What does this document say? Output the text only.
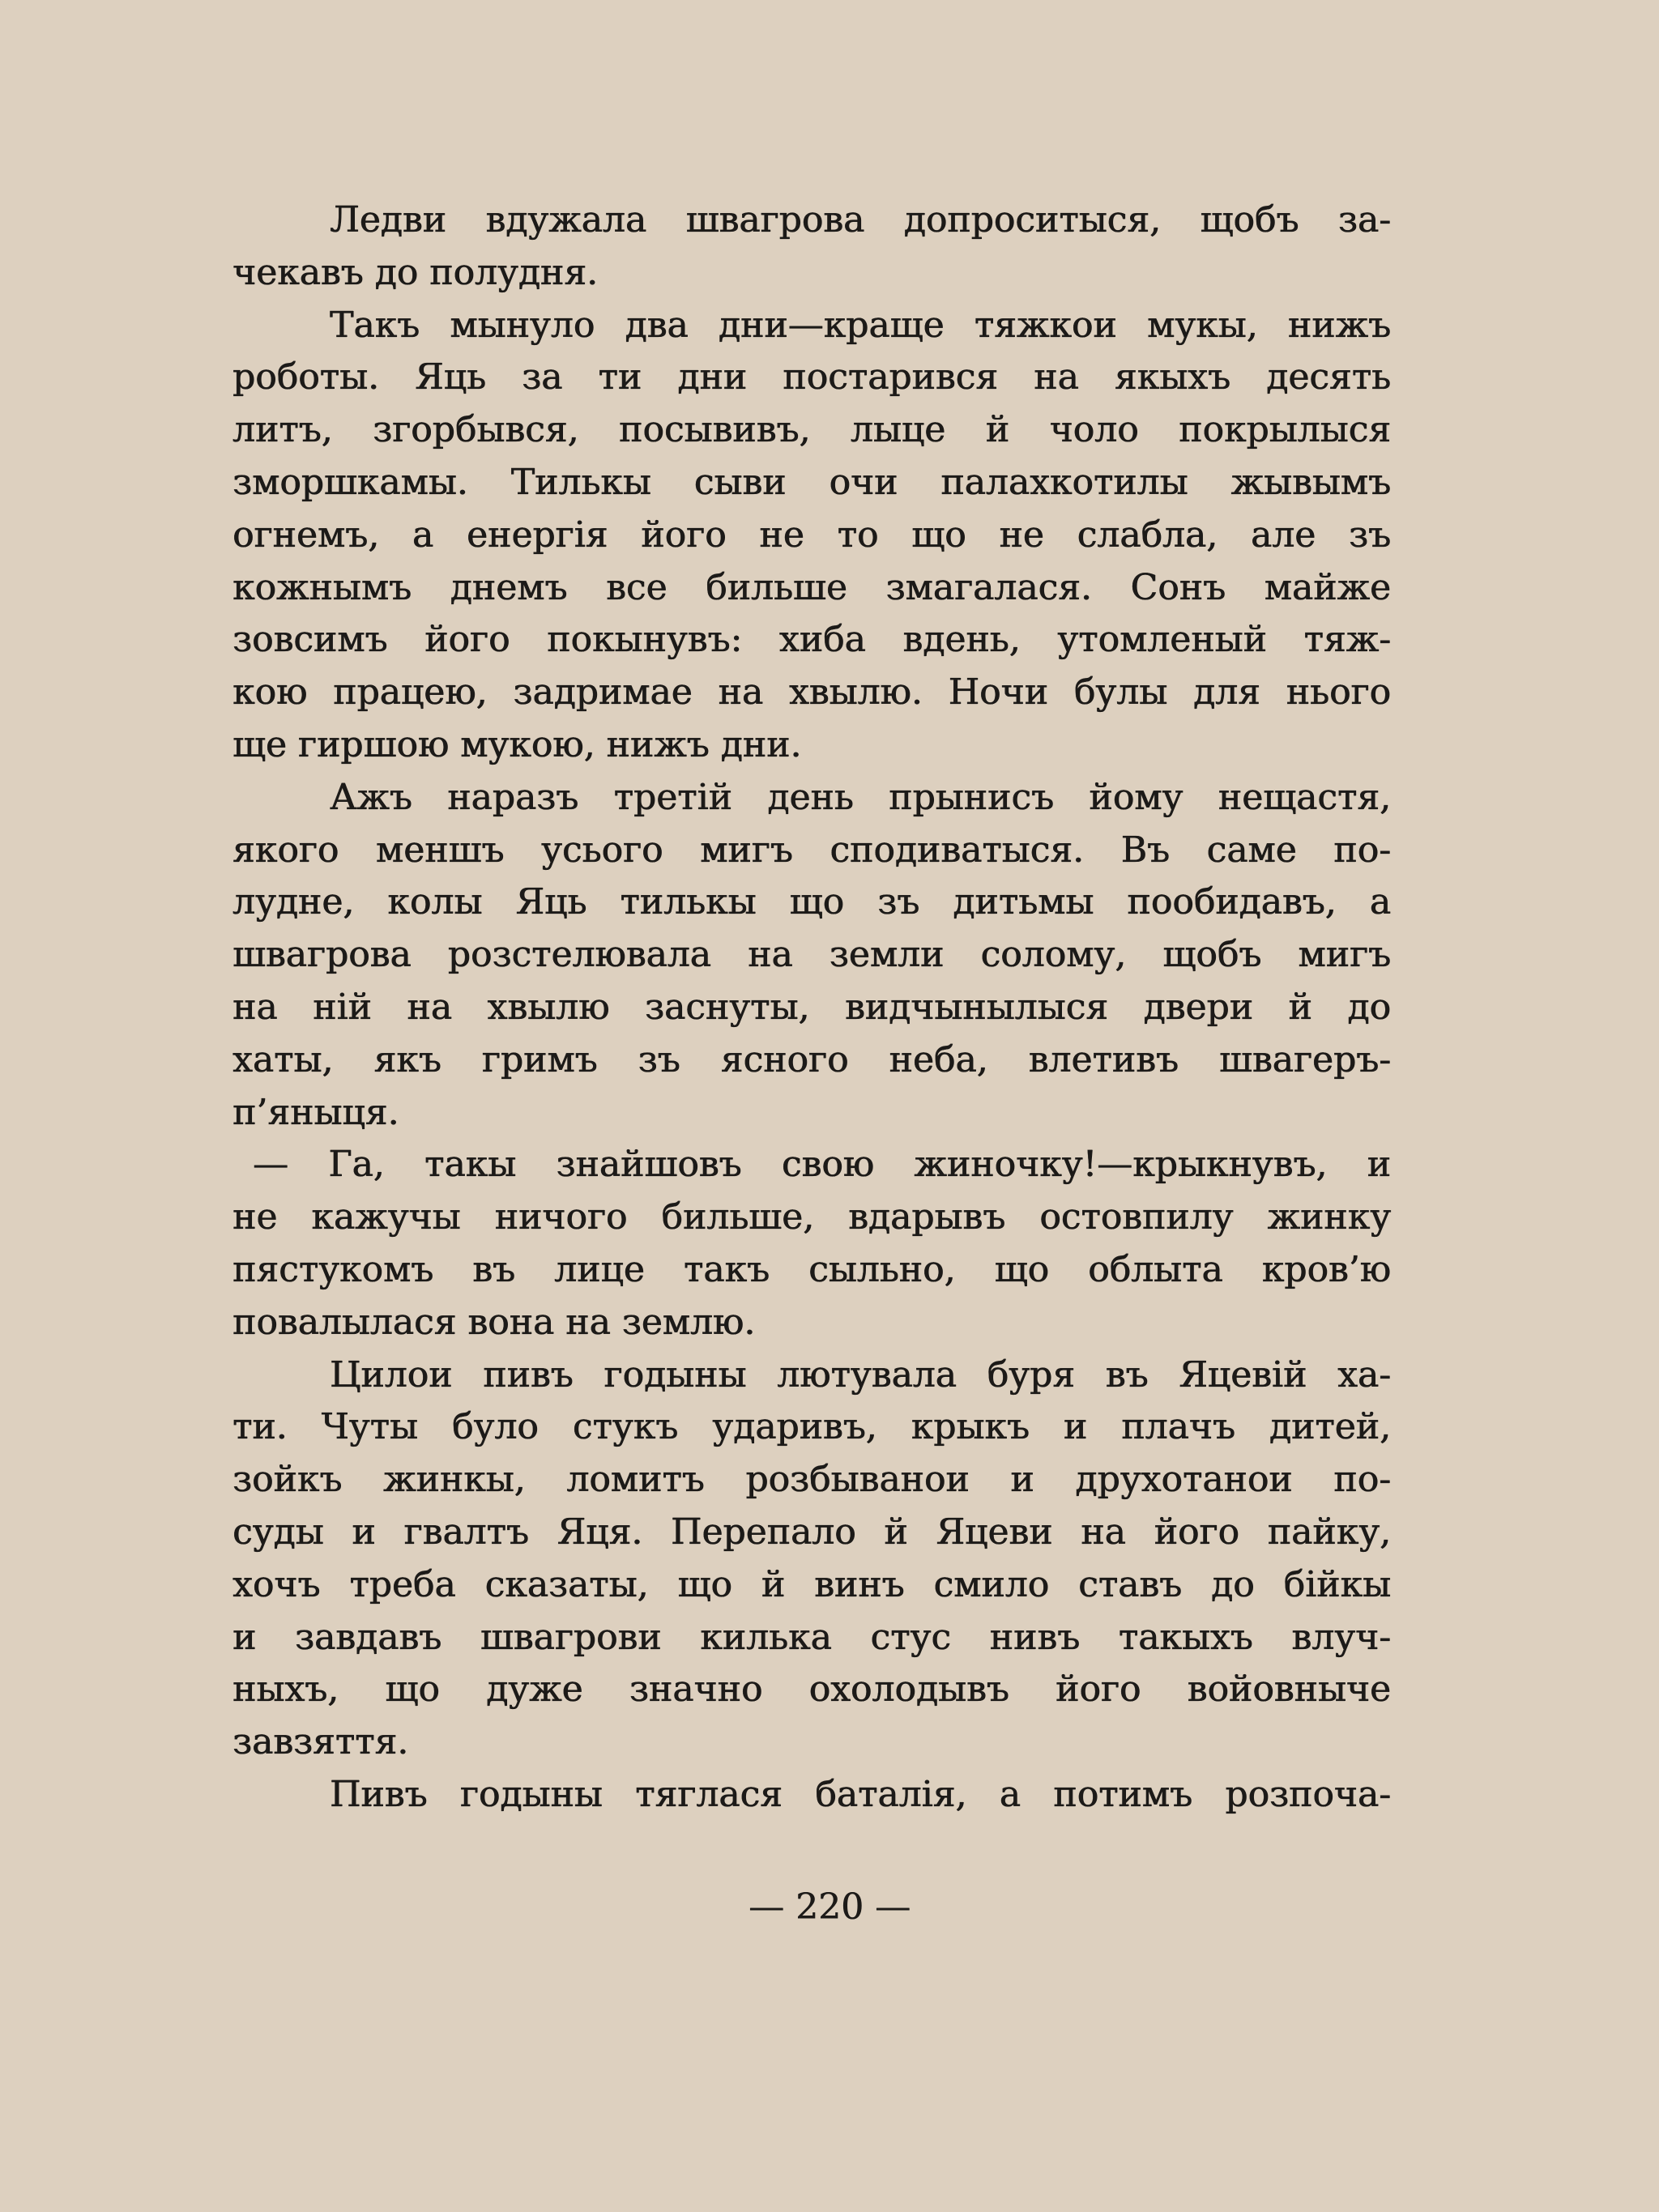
Ледви вдужала швагрова допроситыся, щобъ за-
чекавъ до полудня.
Такъ мынуло два дни—краще тяжкои мукы, нижъ
роботы. Яць за ти дни постарився на якыхъ десять
литъ, згорбывся, посывивъ, лыце й чоло покрылыся
зморшкамы. Тилькы сыви очи палахкотилы жывымъ
огнемъ, а енергія його не то що не слабла, але зъ
кожнымъ днемъ все бильше змагалася. Сонъ майже
зовсимъ його покынувъ: хиба вдень, утомленый тяж-
кою працею, задримае на хвылю. Ночи булы для нього
ще гиршою мукою, нижъ дни.
Ажъ наразъ третій день прынисъ йому нещастя,
якого меншъ усього мигъ сподиватыся. Въ саме по-
лудне, колы Яць тилькы що зъ дитьмы пообидавъ, а
швагрова розстелювала на земли солому, щобъ мигъ
на ній на хвылю заснуты, видчынылыся двери й до
хаты, якъ гримъ зъ ясного неба, влетивъ швагеръ-
п’яныця.
— Га, такы знайшовъ свою жиночку!—крыкнувъ, и
не кажучы ничого бильше, вдарывъ остовпилу жинку
пястукомъ въ лице такъ сыльно, що облыта кров’ю
повалылася вона на землю.
Цилои пивъ годыны лютувала буря въ Яцевій ха-
ти. Чуты було стукъ ударивъ, крыкъ и плачъ дитей,
зойкъ жинкы, ломитъ розбыванои и друхотанои по-
суды и гвалтъ Яця. Перепало й Яцеви на його пайку,
хочъ треба сказаты, що й винъ смило ставъ до бійкы
и завдавъ швагрови килька стус нивъ такыхъ влуч-
ныхъ, що дуже значно охолодывъ його войовныче
завзяття.
Пивъ годыны тяглася баталія, а потимъ розпоча-
— 220 —
